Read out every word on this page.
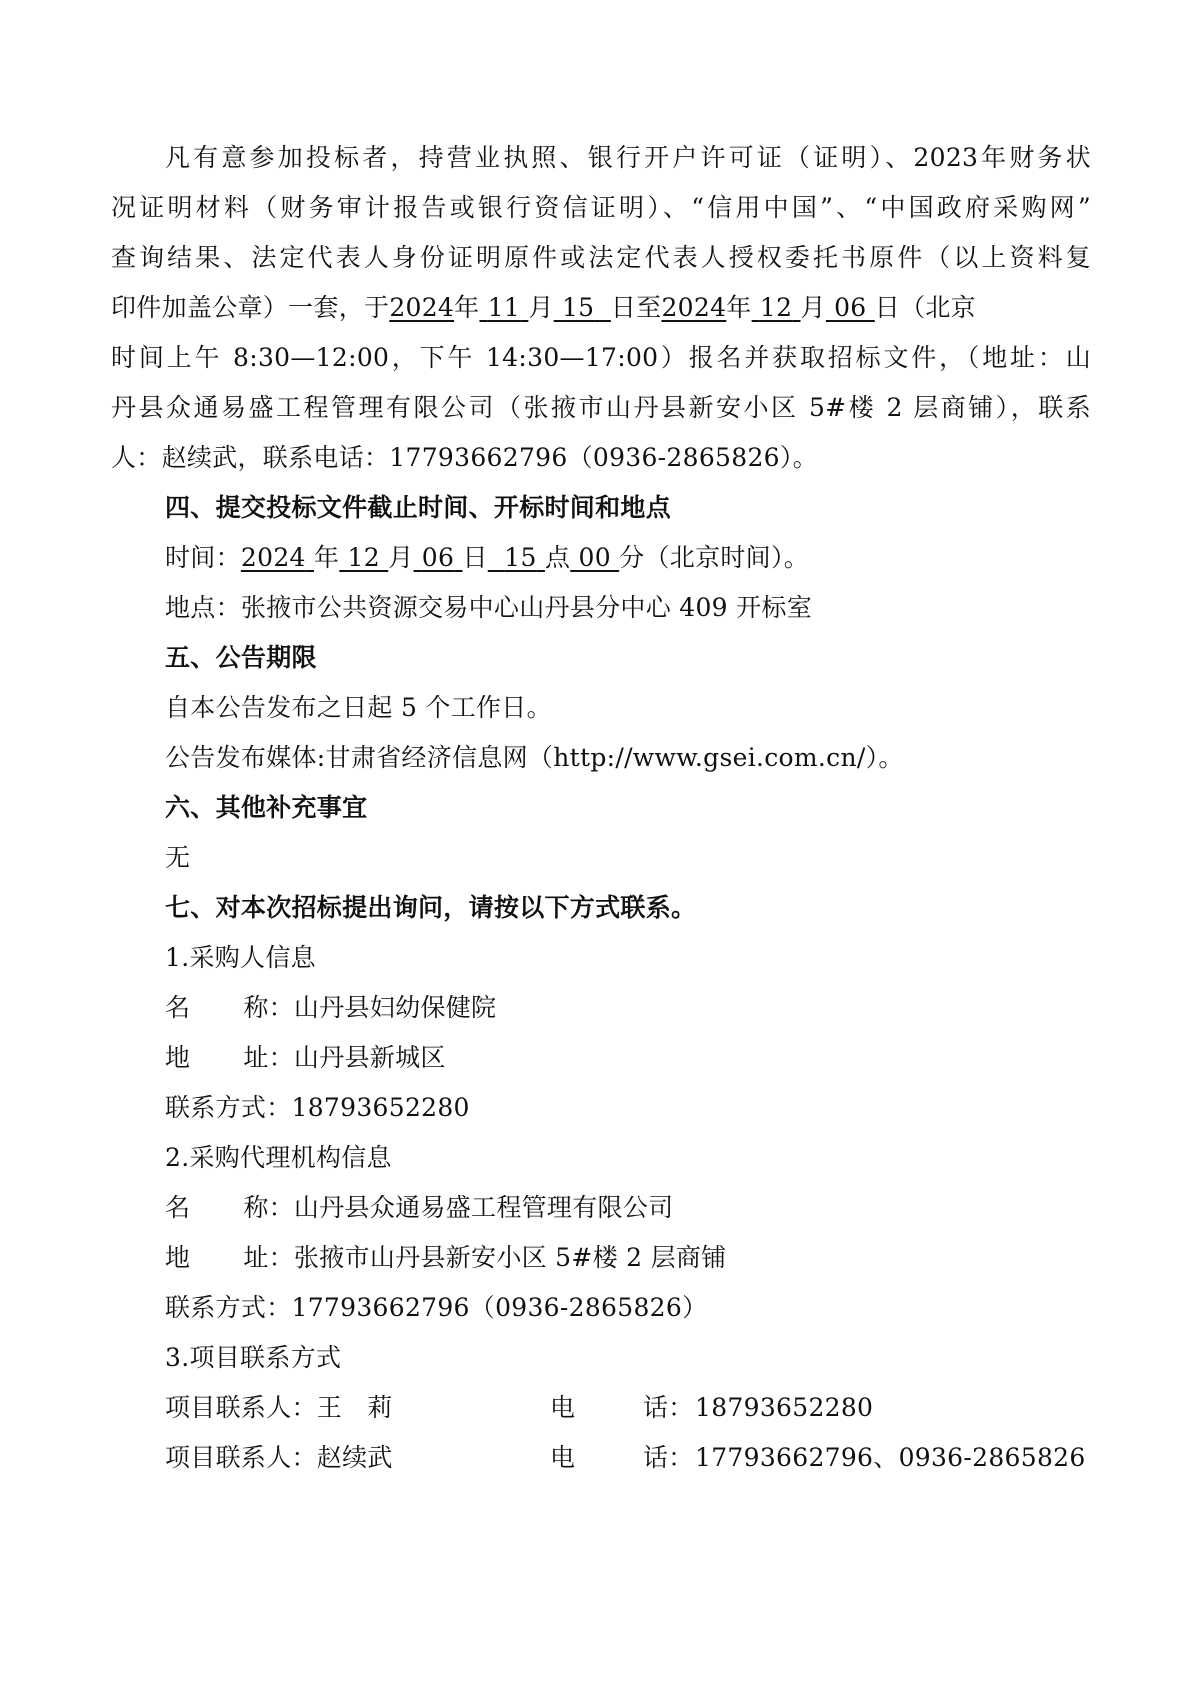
凡有意参加投标者，持营业执照、银行开户许可证（证明）、2023年财务状
况证明材料（财务审计报告或银行资信证明）、“信用中国”、“中国政府采购网”
查询结果、法定代表人身份证明原件或法定代表人授权委托书原件（以上资料复
印件加盖公章）一套，于2024年 11 月 15 日至2024年 12 月 06 日（北京
时间上午 8:30—12:00，下午 14:30—17:00）报名并获取招标文件，（地址：山
丹县众通易盛工程管理有限公司（张掖市山丹县新安小区 5#楼 2 层商铺），联系
人：赵续武，联系电话：17793662796（0936-2865826）。
四、提交投标文件截止时间、开标时间和地点
时间：2024 年 12 月 06 日 15 点 00 分（北京时间）。
地点：张掖市公共资源交易中心山丹县分中心 409 开标室
五、公告期限
自本公告发布之日起 5 个工作日。
公告发布媒体:甘肃省经济信息网（http://www.gsei.com.cn/）。
六、其他补充事宜
无
七、对本次招标提出询问，请按以下方式联系。
1.采购人信息
名 称：山丹县妇幼保健院
地 址：山丹县新城区
联系方式：18793652280
2.采购代理机构信息
名 称：山丹县众通易盛工程管理有限公司
地 址：张掖市山丹县新安小区 5#楼 2 层商铺
联系方式：17793662796（0936-2865826）
3.项目联系方式
项目联系人：王　莉	电	话： 18793652280
项目联系人：赵续武	电	话： 17793662796、0936-2865826
